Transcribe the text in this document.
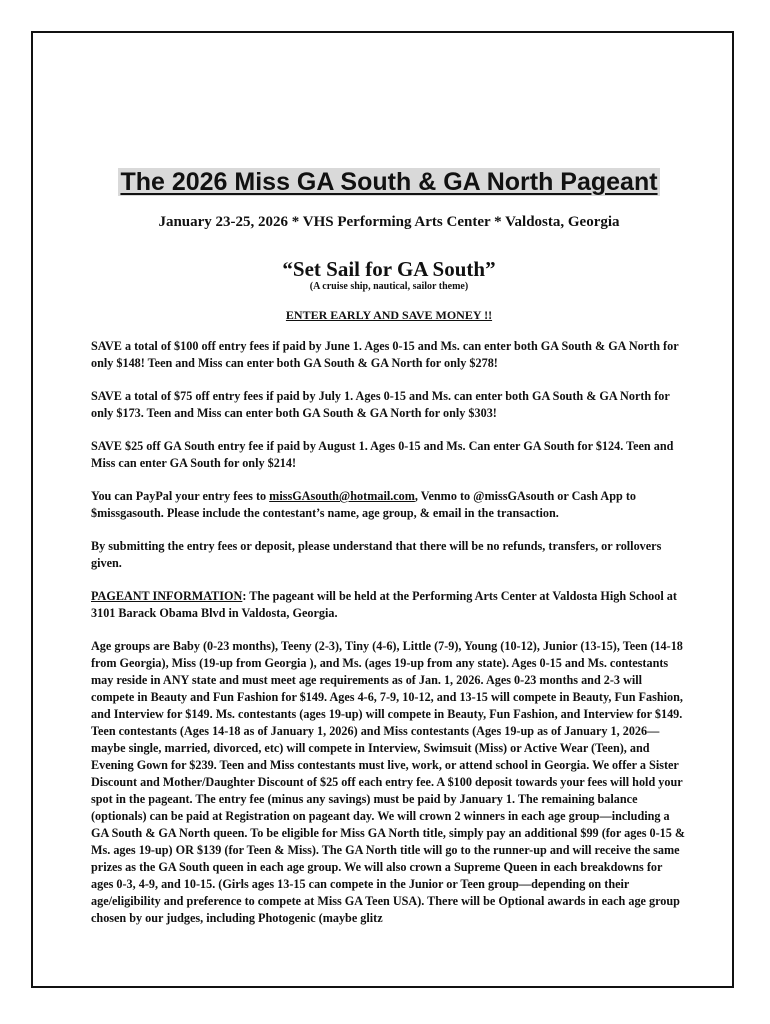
The 2026 Miss GA South & GA North Pageant

January 23-25, 2026 * VHS Performing Arts Center * Valdosta, Georgia

“Set Sail for GA South”

(A cruise ship, nautical, sailor theme)

ENTER EARLY AND SAVE MONEY !!

SAVE a total of $100 off entry fees if paid by June 1. Ages 0-15 and Ms. can enter both GA South & GA North for only $148! Teen and Miss can enter both GA South & GA North for only $278!

SAVE a total of $75 off entry fees if paid by July 1. Ages 0-15 and Ms. can enter both GA South & GA North for only $173. Teen and Miss can enter both GA South & GA North for only $303!

SAVE $25 off GA South entry fee if paid by August 1. Ages 0-15 and Ms. Can enter GA South for $124. Teen and Miss can enter GA South for only $214!

You can PayPal your entry fees to missGAsouth@hotmail.com, Venmo to @missGAsouth or Cash App to $missgasouth. Please include the contestant’s name, age group, & email in the transaction.

By submitting the entry fees or deposit, please understand that there will be no refunds, transfers, or rollovers given.

PAGEANT INFORMATION: The pageant will be held at the Performing Arts Center at Valdosta High School at 3101 Barack Obama Blvd in Valdosta, Georgia.

Age groups are Baby (0-23 months), Teeny (2-3), Tiny (4-6), Little (7-9), Young (10-12), Junior (13-15), Teen (14-18 from Georgia), Miss (19-up from Georgia ), and Ms. (ages 19-up from any state). Ages 0-15 and Ms. contestants may reside in ANY state and must meet age requirements as of Jan. 1, 2026. Ages 0-23 months and 2-3 will compete in Beauty and Fun Fashion for $149. Ages 4-6, 7-9, 10-12, and 13-15 will compete in Beauty, Fun Fashion, and Interview for $149. Ms. contestants (ages 19-up) will compete in Beauty, Fun Fashion, and Interview for $149. Teen contestants (Ages 14-18 as of January 1, 2026) and Miss contestants (Ages 19-up as of January 1, 2026—maybe single, married, divorced, etc) will compete in Interview, Swimsuit (Miss) or Active Wear (Teen), and Evening Gown for $239. Teen and Miss contestants must live, work, or attend school in Georgia. We offer a Sister Discount and Mother/Daughter Discount of $25 off each entry fee. A $100 deposit towards your fees will hold your spot in the pageant. The entry fee (minus any savings) must be paid by January 1. The remaining balance (optionals) can be paid at Registration on pageant day. We will crown 2 winners in each age group—including a GA South & GA North queen. To be eligible for Miss GA North title, simply pay an additional $99 (for ages 0-15 & Ms. ages 19-up) OR $139 (for Teen & Miss). The GA North title will go to the runner-up and will receive the same prizes as the GA South queen in each age group. We will also crown a Supreme Queen in each breakdowns for ages 0-3, 4-9, and 10-15. (Girls ages 13-15 can compete in the Junior or Teen group—depending on their age/eligibility and preference to compete at Miss GA Teen USA). There will be Optional awards in each age group chosen by our judges, including Photogenic (maybe glitz
